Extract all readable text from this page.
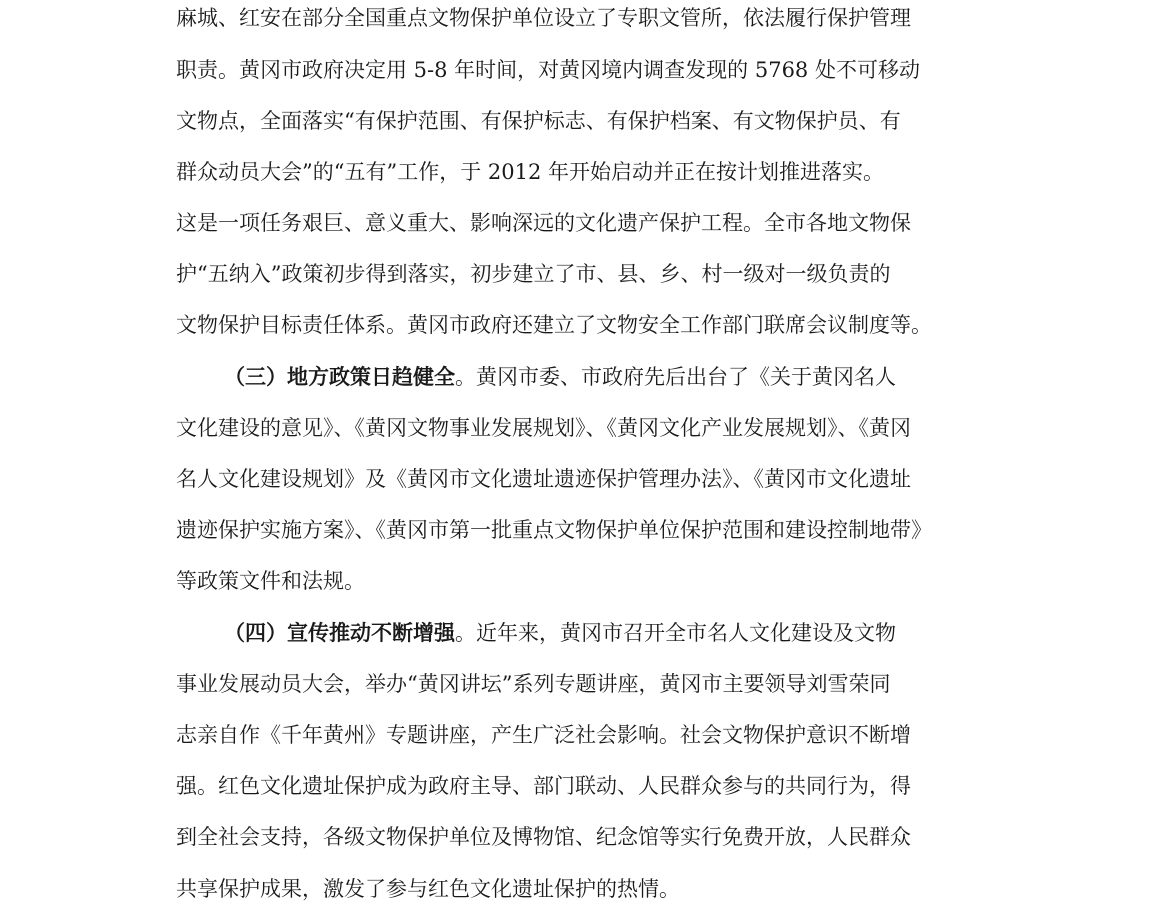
麻城、红安在部分全国重点文物保护单位设立了专职文管所，依法履行保护管理
职责。黄冈市政府决定用 5-8 年时间，对黄冈境内调查发现的 5768 处不可移动
文物点，全面落实“有保护范围、有保护标志、有保护档案、有文物保护员、有
群众动员大会”的“五有”工作，于 2012 年开始启动并正在按计划推进落实。
这是一项任务艰巨、意义重大、影响深远的文化遗产保护工程。全市各地文物保
护“五纳入”政策初步得到落实，初步建立了市、县、乡、村一级对一级负责的
文物保护目标责任体系。黄冈市政府还建立了文物安全工作部门联席会议制度等。
（三）地方政策日趋健全。黄冈市委、市政府先后出台了《关于黄冈名人
文化建设的意见》、《黄冈文物事业发展规划》、《黄冈文化产业发展规划》、《黄冈
名人文化建设规划》及《黄冈市文化遗址遗迹保护管理办法》、《黄冈市文化遗址
遗迹保护实施方案》、《黄冈市第一批重点文物保护单位保护范围和建设控制地带》
等政策文件和法规。
（四）宣传推动不断增强。近年来，黄冈市召开全市名人文化建设及文物
事业发展动员大会，举办“黄冈讲坛”系列专题讲座，黄冈市主要领导刘雪荣同
志亲自作《千年黄州》专题讲座，产生广泛社会影响。社会文物保护意识不断增
强。红色文化遗址保护成为政府主导、部门联动、人民群众参与的共同行为，得
到全社会支持，各级文物保护单位及博物馆、纪念馆等实行免费开放，人民群众
共享保护成果，激发了参与红色文化遗址保护的热情。
